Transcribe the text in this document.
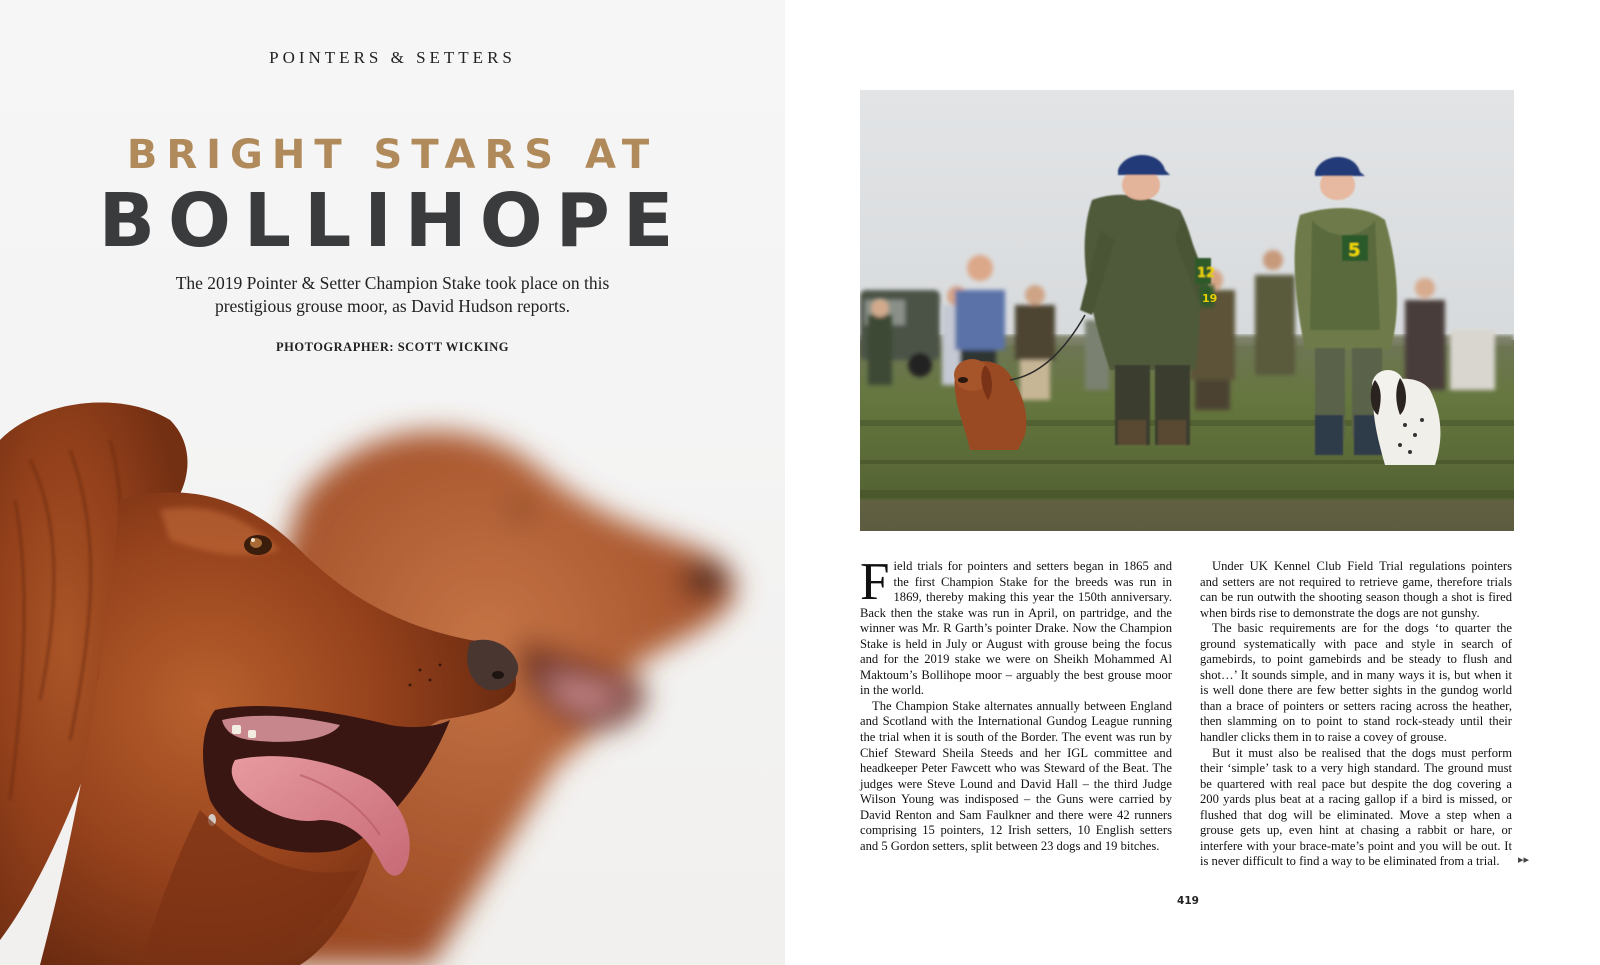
POINTERS & SETTERS
BRIGHT STARS AT
BOLLIHOPE
The 2019 Pointer & Setter Champion Stake took place on this prestigious grouse moor, as David Hudson reports.
PHOTOGRAPHER: SCOTT WICKING
12
5
19

Field trials for pointers and setters began in 1865 and the first Champion Stake for the breeds was run in 1869, thereby making this year the 150th anniversary. Back then the stake was run in April, on partridge, and the winner was Mr. R Garth’s pointer Drake. Now the Champion Stake is held in July or August with grouse being the focus and for the 2019 stake we were on Sheikh Mohammed Al Maktoum’s Bollihope moor – arguably the best grouse moor in the world.

The Champion Stake alternates annually between England and Scotland with the International Gundog League running the trial when it is south of the Border. The event was run by Chief Steward Sheila Steeds and her IGL committee and headkeeper Peter Fawcett who was Steward of the Beat. The judges were Steve Lound and David Hall – the third Judge Wilson Young was indisposed – the Guns were carried by David Renton and Sam Faulkner and there were 42 runners comprising 15 pointers, 12 Irish setters, 10 English setters and 5 Gordon setters, split between 23 dogs and 19 bitches.

Under UK Kennel Club Field Trial regulations pointers and setters are not required to retrieve game, therefore trials can be run outwith the shooting season though a shot is fired when birds rise to demonstrate the dogs are not gunshy.

The basic requirements are for the dogs ‘to quarter the ground systematically with pace and style in search of gamebirds, to point gamebirds and be steady to flush and shot…’ It sounds simple, and in many ways it is, but when it is well done there are few better sights in the gundog world than a brace of pointers or setters racing across the heather, then slamming on to point to stand rock-steady until their handler clicks them in to raise a covey of grouse.

But it must also be realised that the dogs must perform their ‘simple’ task to a very high standard. The ground must be quartered with real pace but despite the dog covering a 200 yards plus beat at a racing gallop if a bird is missed, or flushed that dog will be eliminated. Move a step when a grouse gets up, even hint at chasing a rabbit or hare, or interfere with your brace-mate’s point and you will be out. It is never difficult to find a way to be eliminated from a trial.	▸▸
419
